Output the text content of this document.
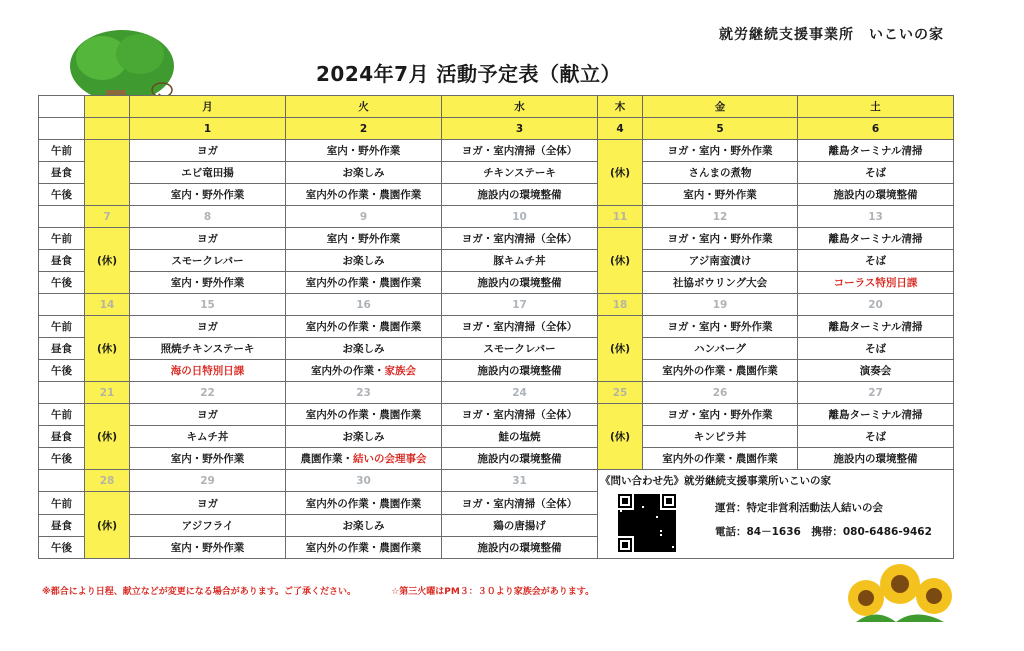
就労継続支援事業所　いこいの家
2024年7月 活動予定表（献立）
		月	火	水	木	金	土
		1	2	3	4	5	6
午前		ヨガ	室内・野外作業	ヨガ・室内清掃（全体）	(休)	ヨガ・室内・野外作業	離島ターミナル清掃
昼食		エビ竜田揚	お楽しみ	チキンステーキ		さんまの煮物	そば
午後		室内・野外作業	室内外の作業・農園作業	施設内の環境整備		室内・野外作業	施設内の環境整備
	7	8	9	10	11	12	13
午前	(休)	ヨガ	室内・野外作業	ヨガ・室内清掃（全体）	(休)	ヨガ・室内・野外作業	離島ターミナル清掃
昼食		スモークレバー	お楽しみ	豚キムチ丼		アジ南蛮漬け	そば
午後		室内・野外作業	室内外の作業・農園作業	施設内の環境整備		社協ボウリング大会	コーラス特別日課
	14	15	16	17	18	19	20
午前	(休)	ヨガ	室内外の作業・農園作業	ヨガ・室内清掃（全体）	(休)	ヨガ・室内・野外作業	離島ターミナル清掃
昼食		照焼チキンステーキ	お楽しみ	スモークレバー		ハンバーグ	そば
午後		海の日特別日課	室内外の作業・家族会	施設内の環境整備		室内外の作業・農園作業	演奏会
	21	22	23	24	25	26	27
午前	(休)	ヨガ	室内外の作業・農園作業	ヨガ・室内清掃（全体）	(休)	ヨガ・室内・野外作業	離島ターミナル清掃
昼食		キムチ丼	お楽しみ	鮭の塩焼		キンピラ丼	そば
午後		室内・野外作業	農園作業・結いの会理事会	施設内の環境整備		室内外の作業・農園作業	施設内の環境整備
	28	29	30	31	《問い合わせ先》就労継続支援事業所いこいの家
運営：特定非営利活動法人結いの会
電話：84－1636　携帯：080-6486-9462		

午前	(休)	ヨガ	室内外の作業・農園作業	ヨガ・室内清掃（全体）			
昼食		アジフライ	お楽しみ	鶏の唐揚げ			
午後		室内・野外作業	室内外の作業・農園作業	施設内の環境整備			
※都合により日程、献立などが変更になる場合があります。ご了承ください。	☆第三火曜はPM３：３０より家族会があります。
